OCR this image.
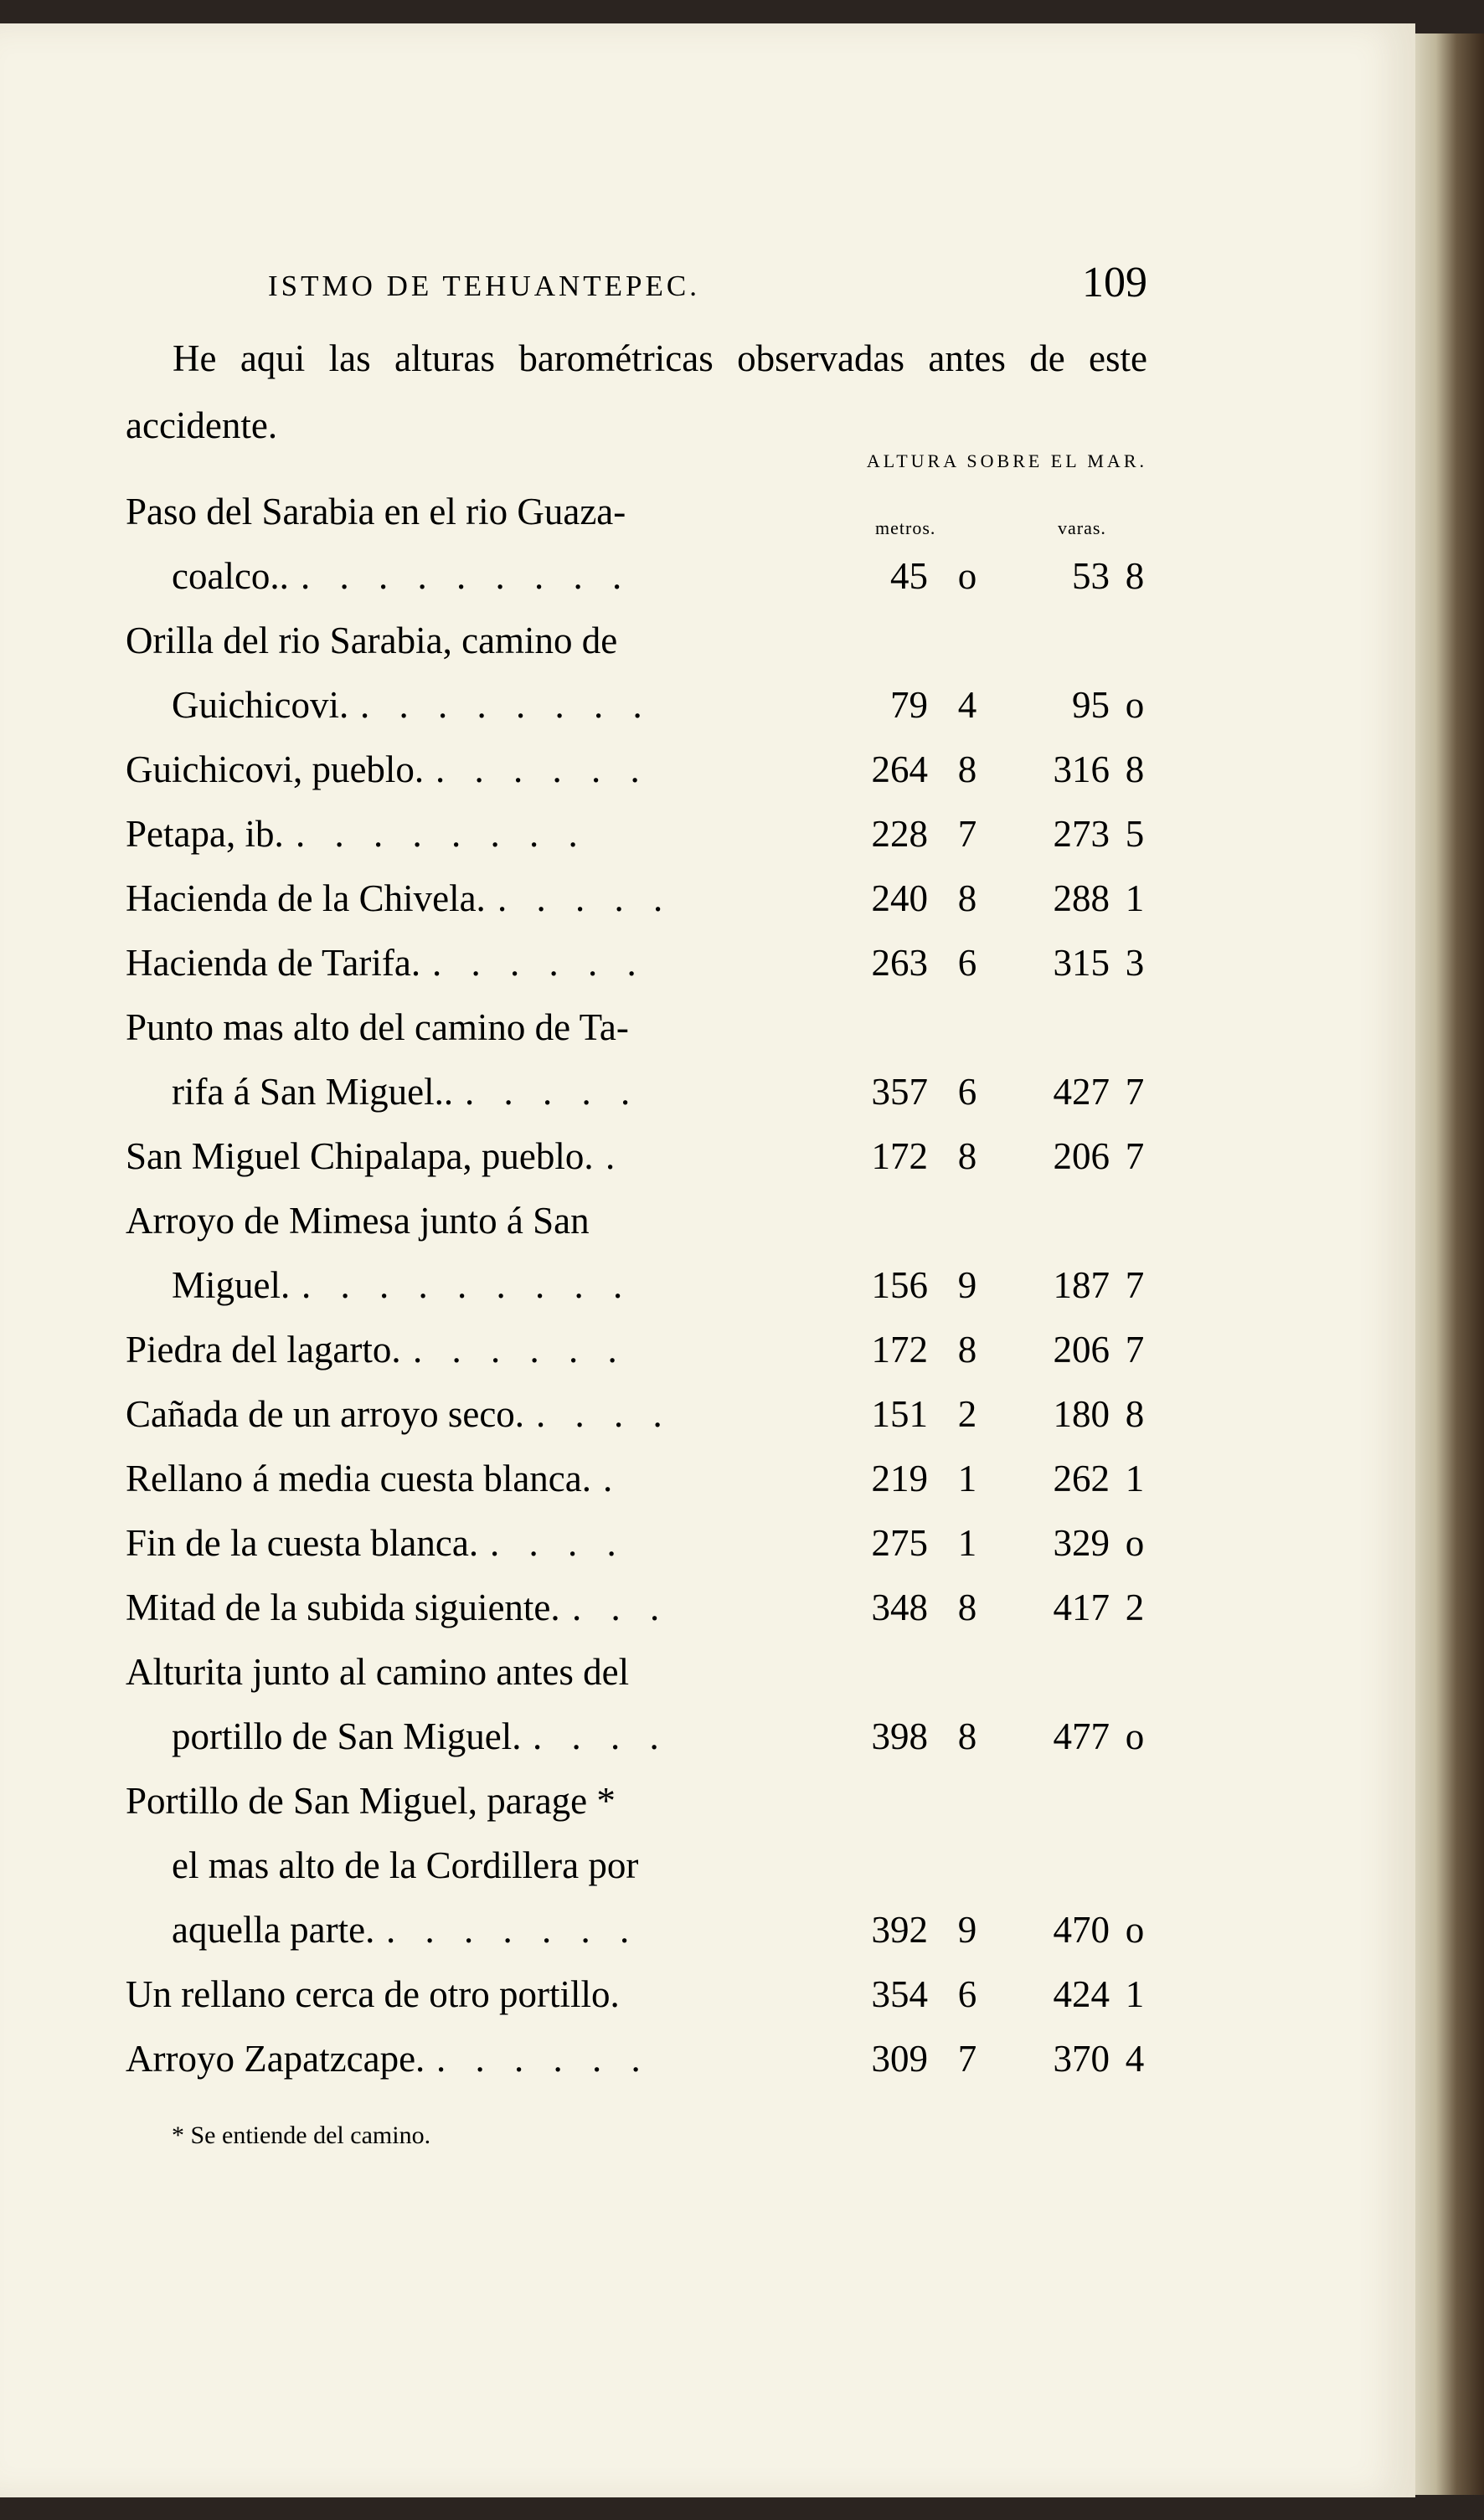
ISTMO DE TEHUANTEPEC.	109

He aqui las alturas barométricas observadas antes de este accidente.

ALTURA SOBRE EL MAR.
metros.	varas.
Paso del Sarabia en el rio Guaza-
coalco.. . . . . . . . . .	45 o	53 8
Orilla del rio Sarabia, camino de
Guichicovi. . . . . . . . .	79 4	95 o
Guichicovi, pueblo. . . . . . .	264 8	316 8
Petapa, ib. . . . . . . . .	228 7	273 5
Hacienda de la Chivela. . . . . .	240 8	288 1
Hacienda de Tarifa. . . . . . .	263 6	315 3
Punto mas alto del camino de Ta-
rifa á San Miguel.. . . . . .	357 6	427 7
San Miguel Chipalapa, pueblo. .	172 8	206 7
Arroyo de Mimesa junto á San
Miguel. . . . . . . . . .	156 9	187 7
Piedra del lagarto. . . . . . .	172 8	206 7
Cañada de un arroyo seco. . . . .	151 2	180 8
Rellano á media cuesta blanca. .	219 1	262 1
Fin de la cuesta blanca. . . . .	275 1	329 o
Mitad de la subida siguiente. . . .	348 8	417 2
Alturita junto al camino antes del
portillo de San Miguel. . . . .	398 8	477 o
Portillo de San Miguel, parage *
el mas alto de la Cordillera por
aquella parte. . . . . . . .	392 9	470 o
Un rellano cerca de otro portillo.	354 6	424 1
Arroyo Zapatzcape. . . . . . .	309 7	370 4
* Se entiende del camino.
